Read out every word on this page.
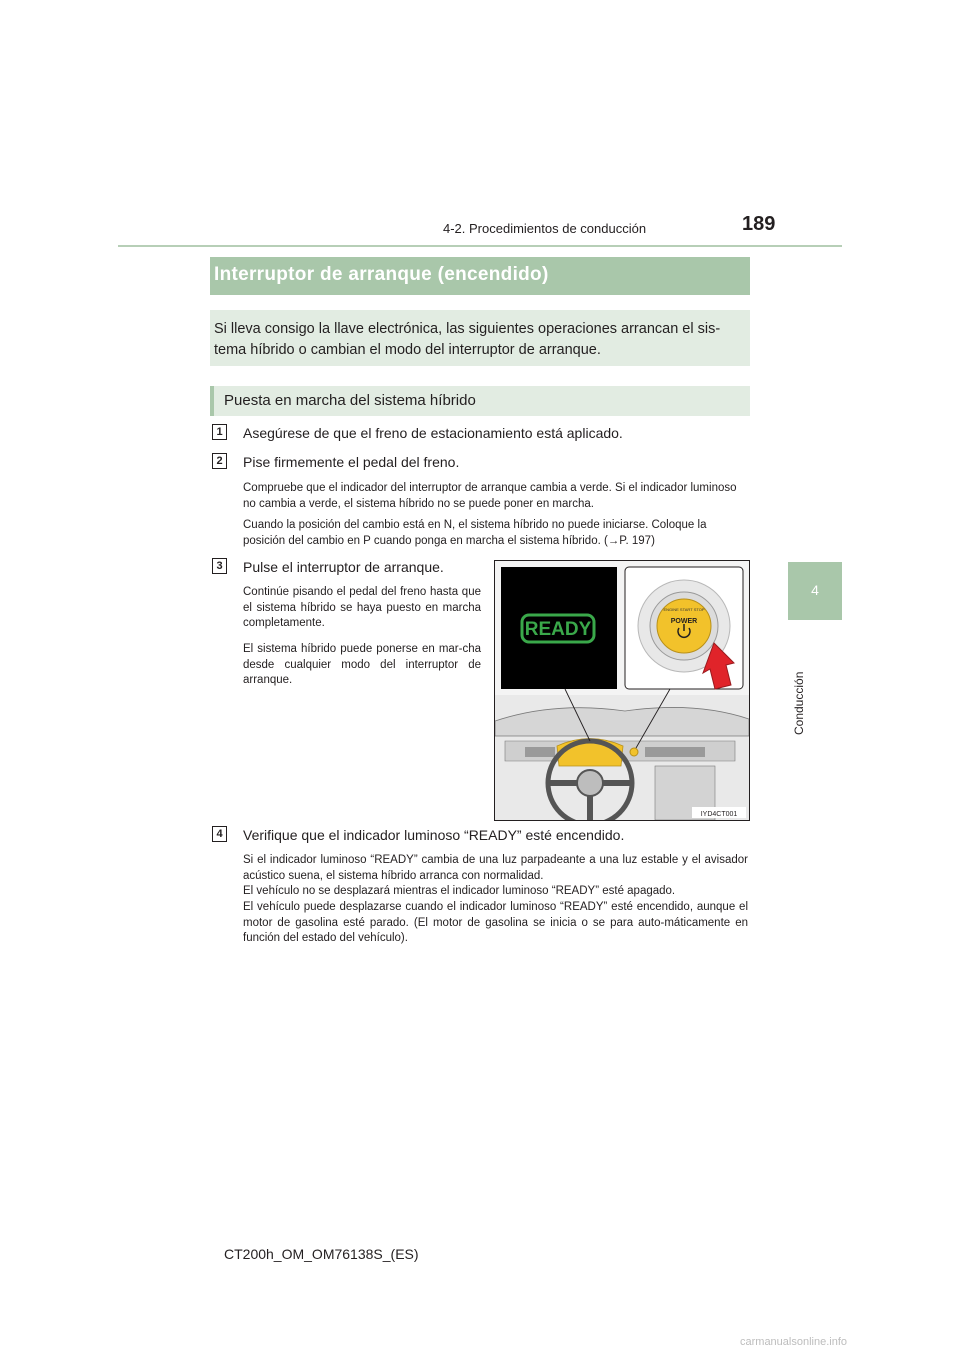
4-2. Procedimientos de conducción	189
4
Conducción
Interruptor de arranque (encendido)

Si lleva consigo la llave electrónica, las siguientes operaciones arrancan el sis-tema híbrido o cambian el modo del interruptor de arranque.

Puesta en marcha del sistema híbrido
1	Asegúrese de que el freno de estacionamiento está aplicado.
2	Pise firmemente el pedal del freno.
Compruebe que el indicador del interruptor de arranque cambia a verde. Si el indicador luminoso no cambia a verde, el sistema híbrido no se puede poner en marcha.
Cuando la posición del cambio está en N, el sistema híbrido no puede iniciarse. Coloque la posición del cambio en P cuando ponga en marcha el sistema híbrido. (→P. 197)
3	Pulse el interruptor de arranque.
Continúe pisando el pedal del freno hasta que el sistema híbrido se haya puesto en marcha completamente.
El sistema híbrido puede ponerse en mar-cha desde cualquier modo del interruptor de arranque.
READY
ENGINE START STOP
POWER
IYD4CT001
4	Verifique que el indicador luminoso “READY” esté encendido.
Si el indicador luminoso “READY” cambia de una luz parpadeante a una luz estable y el avisador acústico suena, el sistema híbrido arranca con normalidad.
El vehículo no se desplazará mientras el indicador luminoso “READY” esté apagado.
El vehículo puede desplazarse cuando el indicador luminoso “READY” esté encendido, aunque el motor de gasolina esté parado. (El motor de gasolina se inicia o se para auto-máticamente en función del estado del vehículo).
CT200h_OM_OM76138S_(ES)
carmanualsonline.info
